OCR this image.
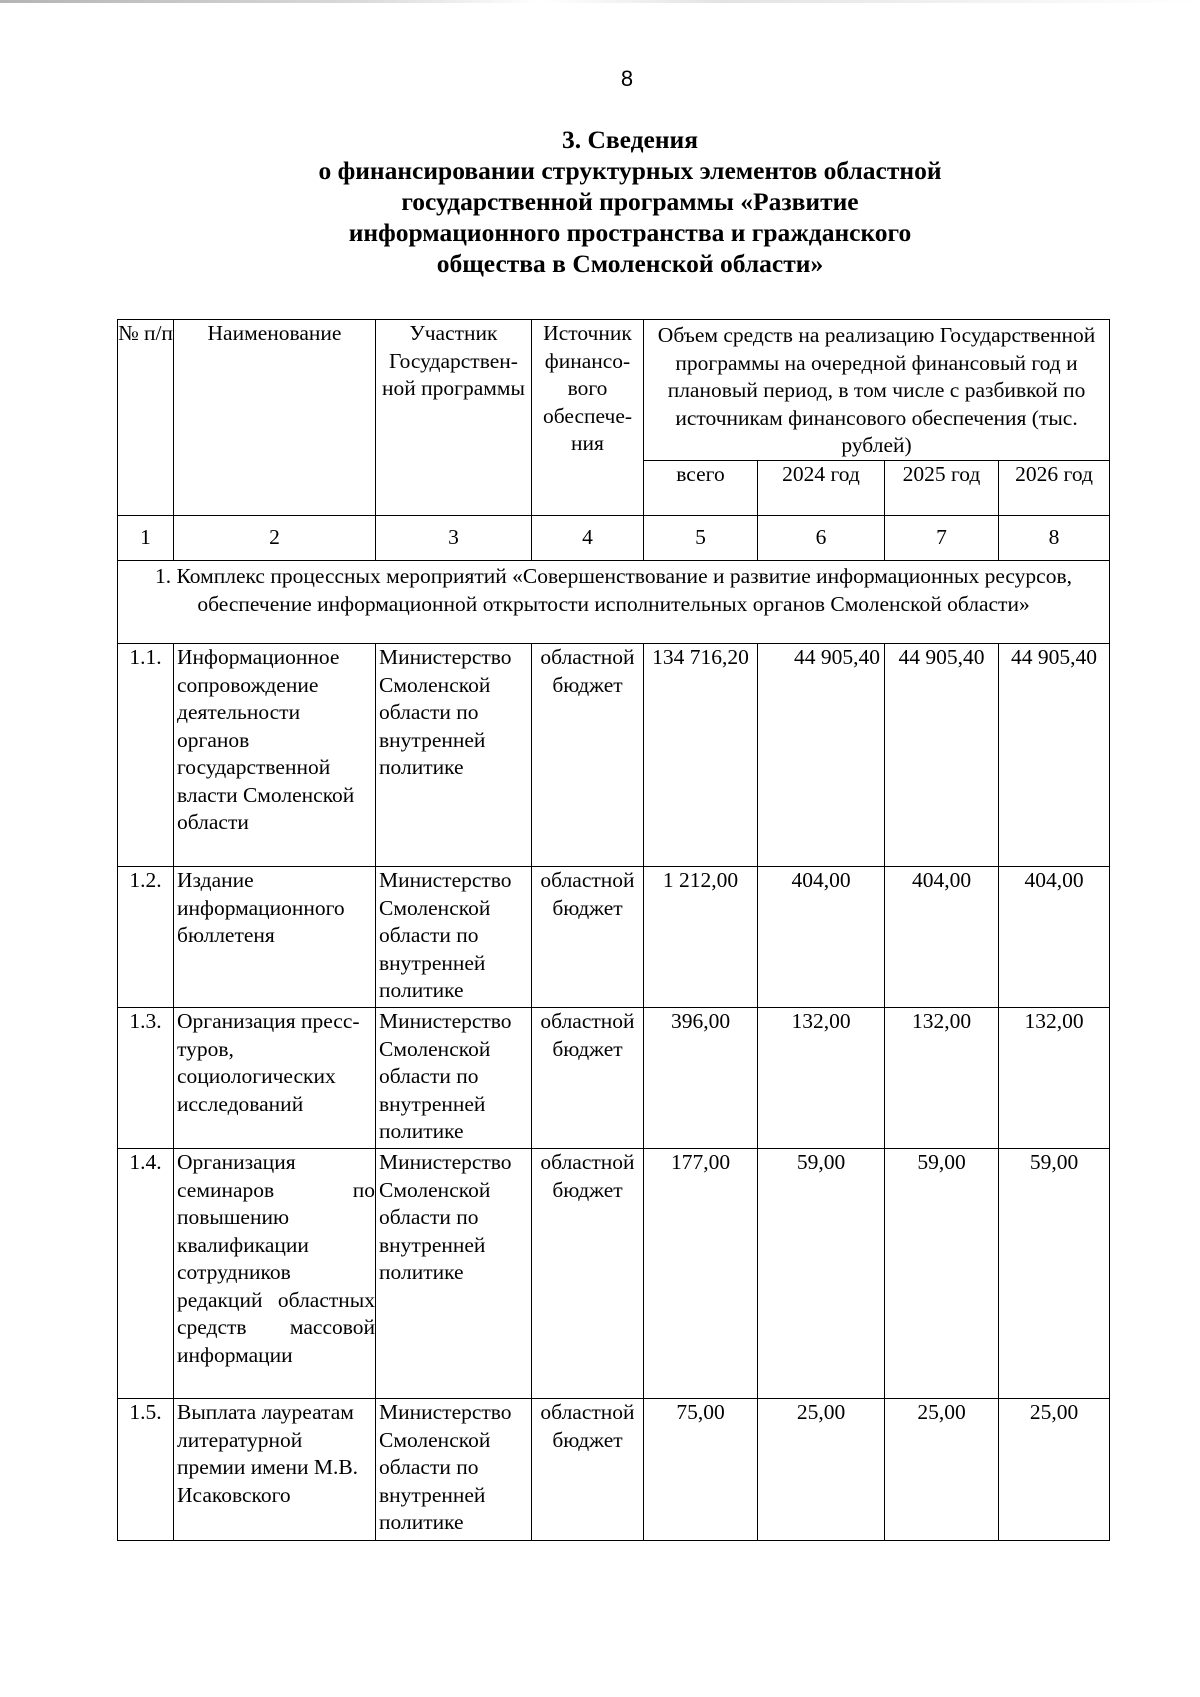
8
3. Сведения
о финансировании структурных элементов областной
государственной программы «Развитие
информационного пространства и гражданского
общества в Смоленской области»
№ п/п	Наименование	Участник Государствен-ной программы	Источник финансо-вого обеспече-ния	Объем средств на реализацию Государственной программы на очередной финансовый год и плановый период, в том числе с разбивкой по источникам финансового обеспечения (тыс. рублей)			
				всего	2024 год	2025 год	2026 год
1	2	3	4	5	6	7	8
1. Комплекс процессных мероприятий «Совершенствование и развитие информационных ресурсов, обеспечение информационной открытости исполнительных органов Смоленской области»							
1.1.	Информационное сопровождение деятельности органов государственной власти Смоленской области	Министерство Смоленской области по внутренней политике	областной бюджет	134 716,20	44 905,40	44 905,40	44 905,40
1.2.	Издание информационного бюллетеня	Министерство Смоленской области по внутренней политике	областной бюджет	1 212,00	404,00	404,00	404,00
1.3.	Организация пресс-туров, социологических исследований	Министерство Смоленской области по внутренней политике	областной бюджет	396,00	132,00	132,00	132,00
1.4.	Организация семинаров по повышению квалификации сотрудников редакций областных средств массовой информации	Министерство Смоленской области по внутренней политике	областной бюджет	177,00	59,00	59,00	59,00
1.5.	Выплата лауреатам литературной премии имени М.В. Исаковского	Министерство Смоленской области по внутренней политике	областной бюджет	75,00	25,00	25,00	25,00
